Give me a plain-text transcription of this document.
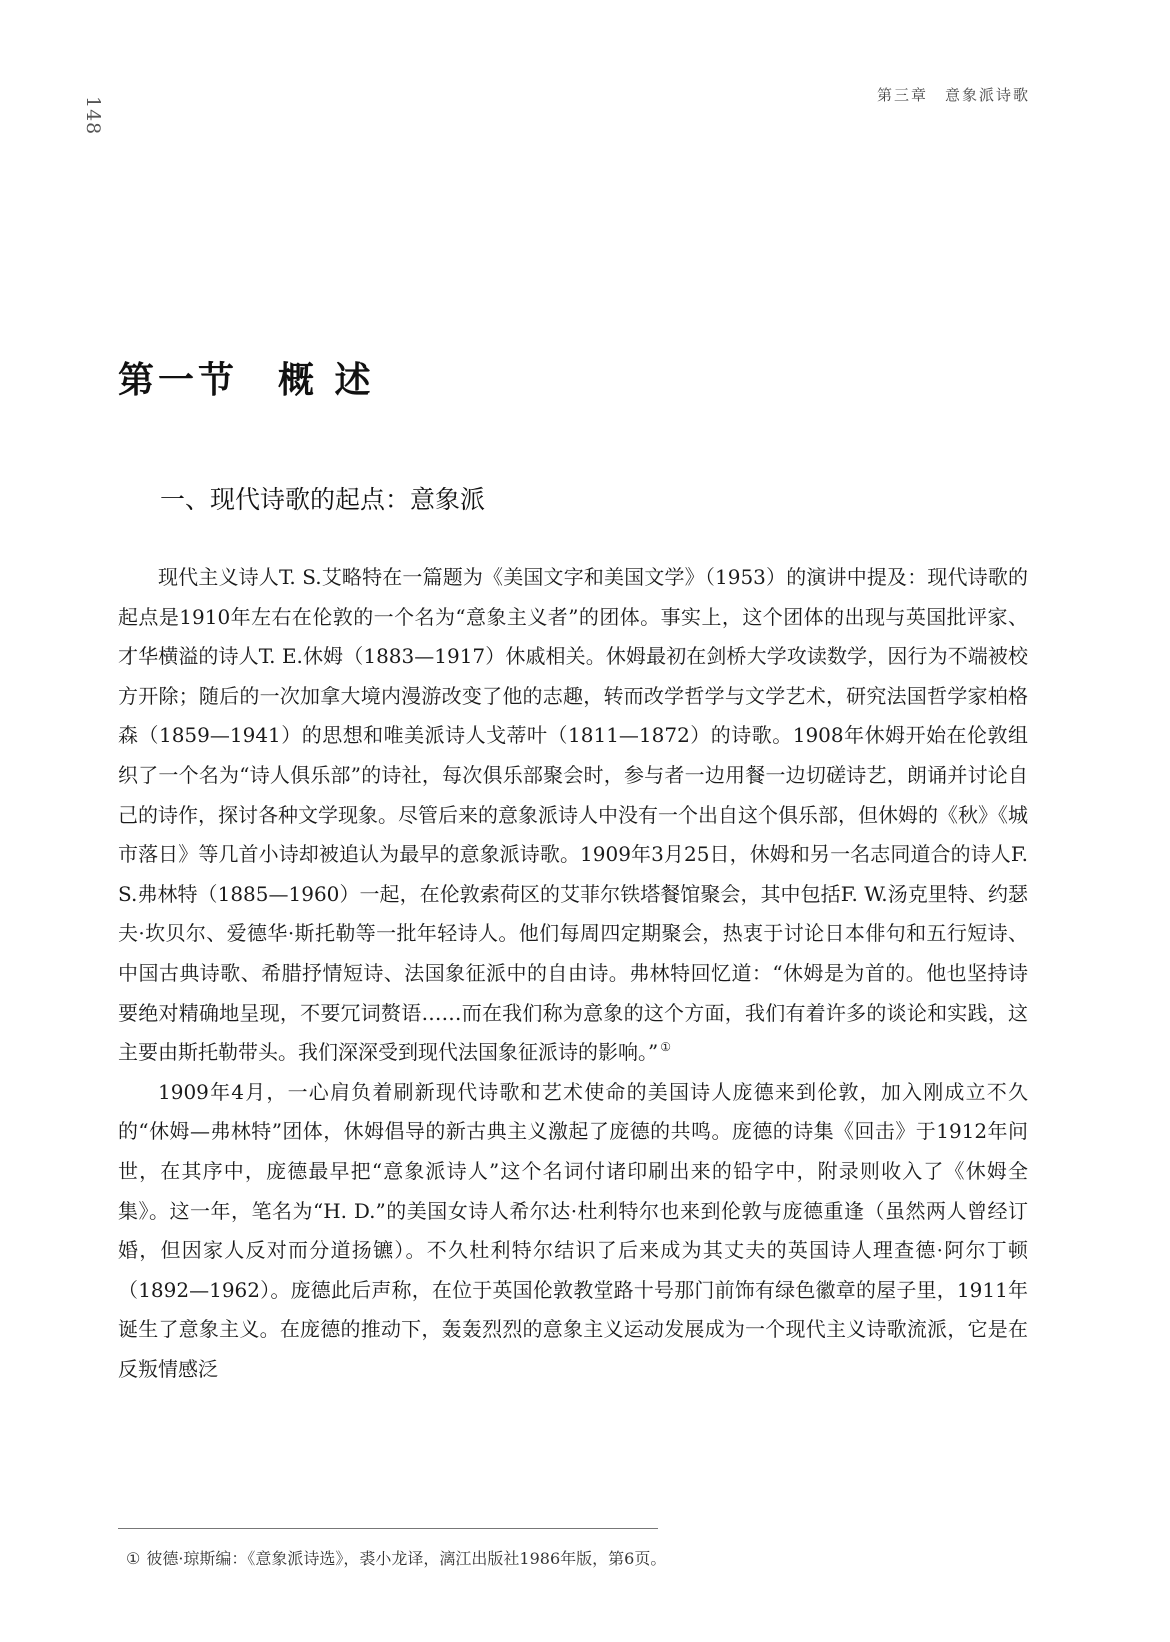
148
第三章　意象派诗歌
第一节　概 述
一、现代诗歌的起点：意象派

现代主义诗人T. S.艾略特在一篇题为《美国文字和美国文学》（1953）的演讲中提及：现代诗歌的起点是1910年左右在伦敦的一个名为“意象主义者”的团体。事实上，这个团体的出现与英国批评家、才华横溢的诗人T. E.休姆（1883—1917）休戚相关。休姆最初在剑桥大学攻读数学，因行为不端被校方开除；随后的一次加拿大境内漫游改变了他的志趣，转而改学哲学与文学艺术，研究法国哲学家柏格森（1859—1941）的思想和唯美派诗人戈蒂叶（1811—1872）的诗歌。1908年休姆开始在伦敦组织了一个名为“诗人俱乐部”的诗社，每次俱乐部聚会时，参与者一边用餐一边切磋诗艺，朗诵并讨论自己的诗作，探讨各种文学现象。尽管后来的意象派诗人中没有一个出自这个俱乐部，但休姆的《秋》《城市落日》等几首小诗却被追认为最早的意象派诗歌。1909年3月25日，休姆和另一名志同道合的诗人F. S.弗林特（1885—1960）一起，在伦敦索荷区的艾菲尔铁塔餐馆聚会，其中包括F. W.汤克里特、约瑟夫·坎贝尔、爱德华·斯托勒等一批年轻诗人。他们每周四定期聚会，热衷于讨论日本俳句和五行短诗、中国古典诗歌、希腊抒情短诗、法国象征派中的自由诗。弗林特回忆道：“休姆是为首的。他也坚持诗要绝对精确地呈现，不要冗词赘语……而在我们称为意象的这个方面，我们有着许多的谈论和实践，这主要由斯托勒带头。我们深深受到现代法国象征派诗的影响。” ①

1909年4月，一心肩负着刷新现代诗歌和艺术使命的美国诗人庞德来到伦敦，加入刚成立不久的“休姆—弗林特”团体，休姆倡导的新古典主义激起了庞德的共鸣。庞德的诗集《回击》于1912年问世，在其序中，庞德最早把“意象派诗人”这个名词付诸印刷出来的铅字中，附录则收入了《休姆全集》。这一年，笔名为“H. D.”的美国女诗人希尔达·杜利特尔也来到伦敦与庞德重逢（虽然两人曾经订婚，但因家人反对而分道扬镳）。不久杜利特尔结识了后来成为其丈夫的英国诗人理查德·阿尔丁顿（1892—1962）。庞德此后声称，在位于英国伦敦教堂路十号那门前饰有绿色徽章的屋子里，1911年诞生了意象主义。在庞德的推动下，轰轰烈烈的意象主义运动发展成为一个现代主义诗歌流派，它是在反叛情感泛

① 彼德·琼斯编：《意象派诗选》，裘小龙译，漓江出版社1986年版，第6页。
